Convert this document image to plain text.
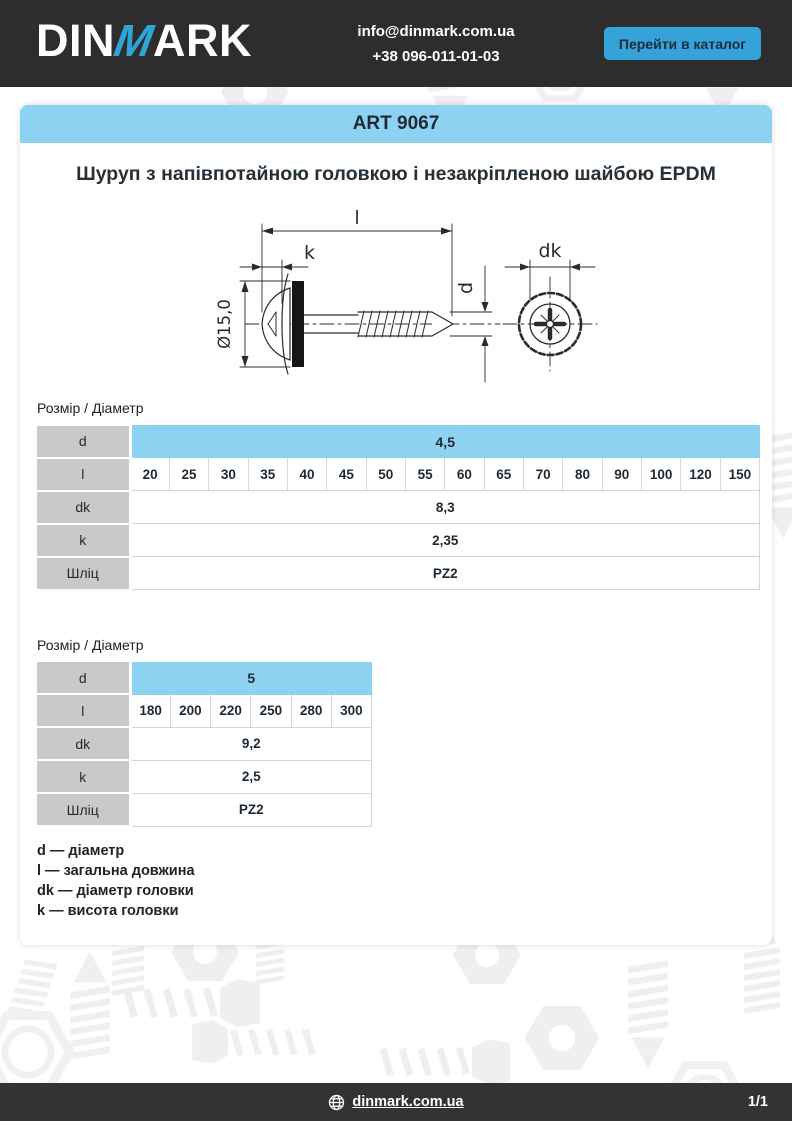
DINMARK	info@dinmark.com.ua
+38 096-011-01-03
Перейти в каталог
ART 9067
Шуруп з напівпотайною головкою і незакріпленою шайбою EPDM
l
k
d
dk
Ø15,0
Розмір / Діаметр
d	4,5															
l	20	25	30	35	40	45	50	55	60	65	70	80	90	100	120	150
dk	8,3															
k	2,35															
Шліц	PZ2															
Розмір / Діаметр
d	5					
l	180	200	220	250	280	300
dk	9,2					
k	2,5					
Шліц	PZ2					
d — діаметр
l — загальна довжина
dk — діаметр головки
k — висота головки
dinmark.com.ua	1/1
